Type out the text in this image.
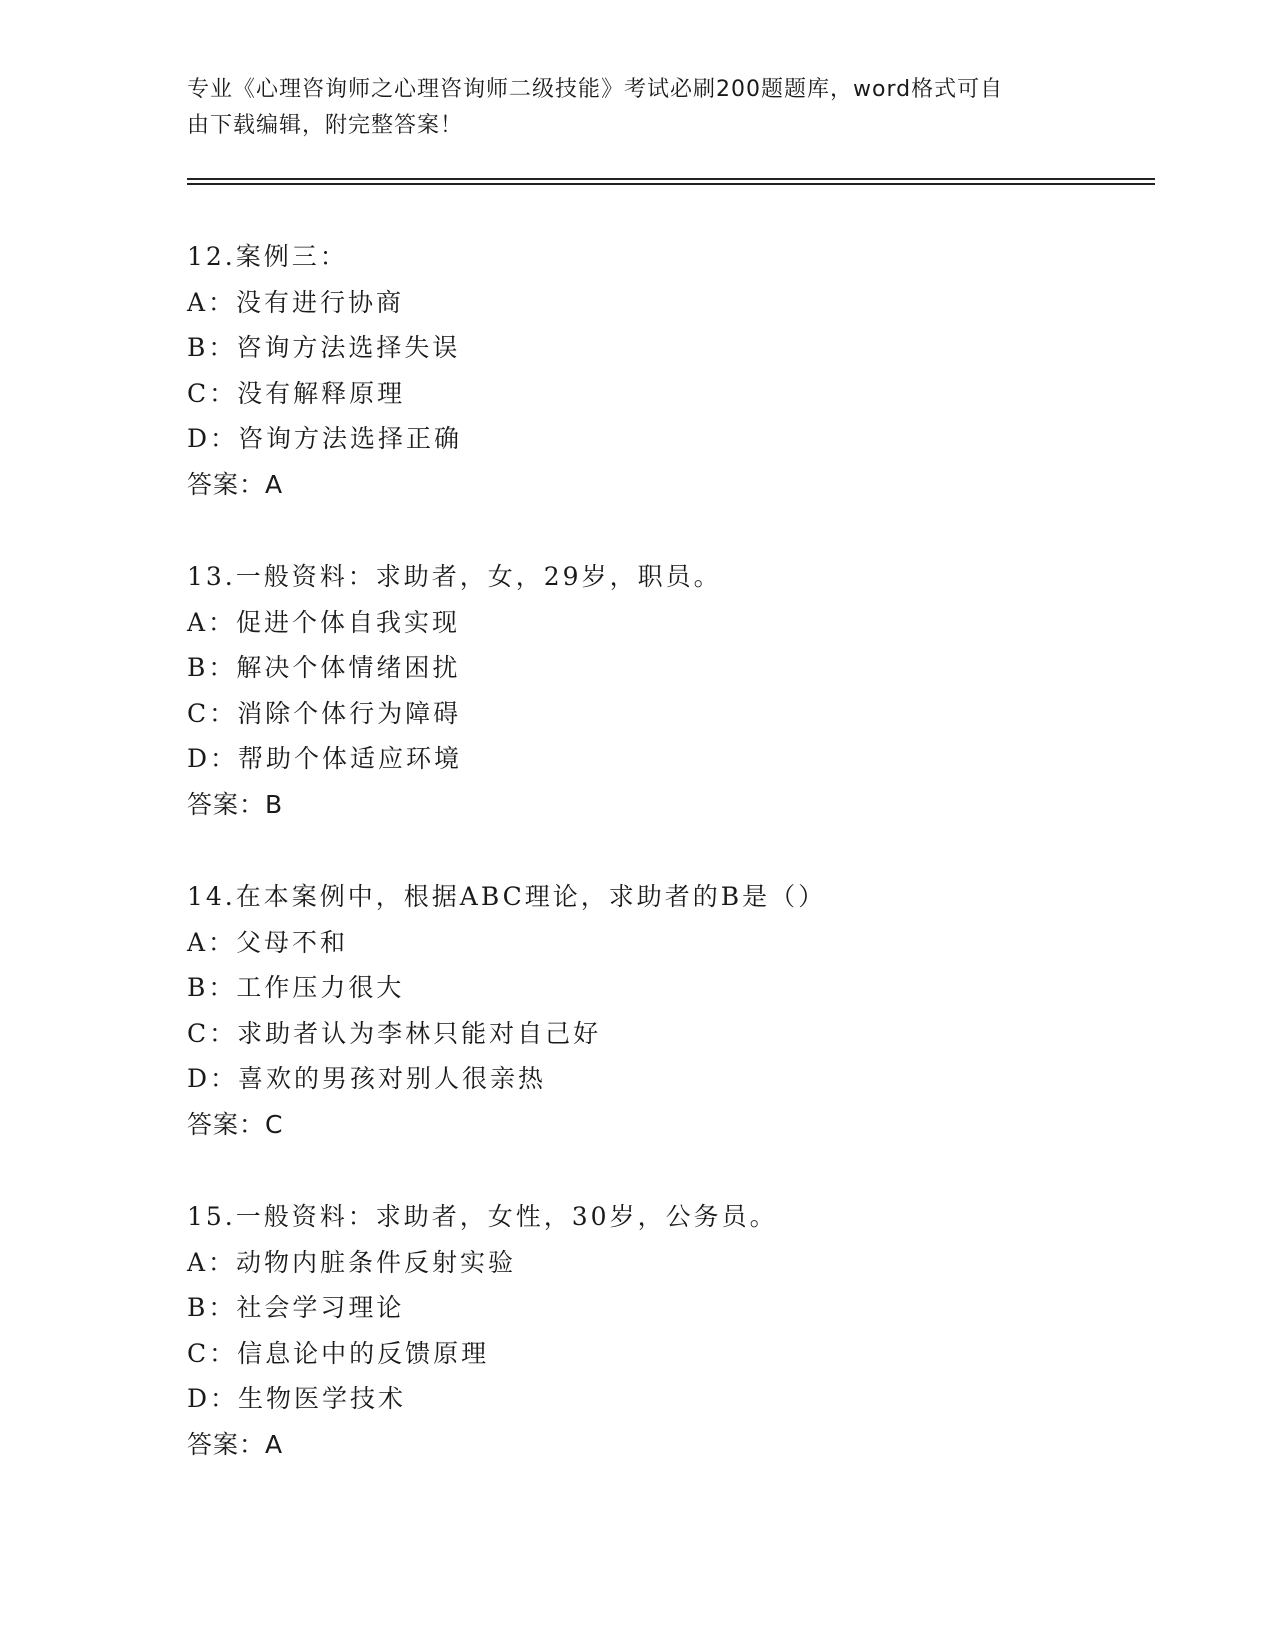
专业《心理咨询师之心理咨询师二级技能》考试必刷200题题库，word格式可自
由下载编辑，附完整答案！
12.案例三：
A：没有进行协商
B：咨询方法选择失误
C：没有解释原理
D：咨询方法选择正确
答案：A
13.一般资料：求助者，女，29岁，职员。
A：促进个体自我实现
B：解决个体情绪困扰
C：消除个体行为障碍
D：帮助个体适应环境
答案：B
14.在本案例中，根据ABC理论，求助者的B是（）
A：父母不和
B：工作压力很大
C：求助者认为李林只能对自己好
D：喜欢的男孩对别人很亲热
答案：C
15.一般资料：求助者，女性，30岁，公务员。
A：动物内脏条件反射实验
B：社会学习理论
C：信息论中的反馈原理
D：生物医学技术
答案：A
